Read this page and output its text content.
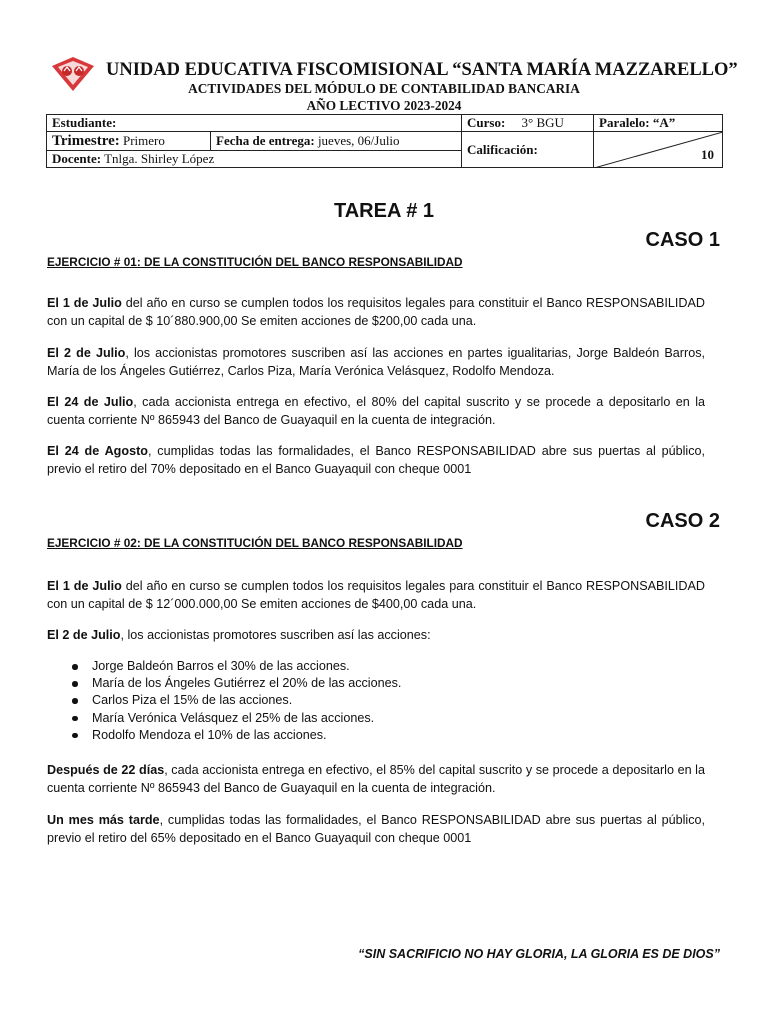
UNIDAD EDUCATIVA FISCOMISIONAL “SANTA MARÍA MAZZARELLO”
ACTIVIDADES DEL MÓDULO DE CONTABILIDAD BANCARIA
AÑO LECTIVO 2023-2024
Estudiante:		Curso: 3° BGU	Paralelo: “A”
Trimestre: Primero	Fecha de entrega: jueves, 06/Julio	Calificación:	10

Docente: Tnlga. Shirley López			
TAREA # 1
CASO 1
EJERCICIO # 01: DE LA CONSTITUCIÓN DEL BANCO RESPONSABILIDAD
El 1 de Julio del año en curso se cumplen todos los requisitos legales para constituir el Banco RESPONSABILIDAD con un capital de $ 10´880.900,00 Se emiten acciones de $200,00 cada una.
El 2 de Julio, los accionistas promotores suscriben así las acciones en partes igualitarias, Jorge Baldeón Barros, María de los Ángeles Gutiérrez, Carlos Piza, María Verónica Velásquez, Rodolfo Mendoza.
El 24 de Julio, cada accionista entrega en efectivo, el 80% del capital suscrito y se procede a depositarlo en la cuenta corriente Nº 865943 del Banco de Guayaquil en la cuenta de integración.
El 24 de Agosto, cumplidas todas las formalidades, el Banco RESPONSABILIDAD abre sus puertas al público, previo el retiro del 70% depositado en el Banco Guayaquil con cheque 0001
CASO 2
EJERCICIO # 02: DE LA CONSTITUCIÓN DEL BANCO RESPONSABILIDAD
El 1 de Julio del año en curso se cumplen todos los requisitos legales para constituir el Banco RESPONSABILIDAD con un capital de $ 12´000.000,00 Se emiten acciones de $400,00 cada una.
El 2 de Julio, los accionistas promotores suscriben así las acciones:
Jorge Baldeón Barros el 30% de las acciones.
María de los Ángeles Gutiérrez el 20% de las acciones.
Carlos Piza el 15% de las acciones.
María Verónica Velásquez el 25% de las acciones.
Rodolfo Mendoza el 10% de las acciones.
Después de 22 días, cada accionista entrega en efectivo, el 85% del capital suscrito y se procede a depositarlo en la cuenta corriente Nº 865943 del Banco de Guayaquil en la cuenta de integración.
Un mes más tarde, cumplidas todas las formalidades, el Banco RESPONSABILIDAD abre sus puertas al público, previo el retiro del 65% depositado en el Banco Guayaquil con cheque 0001
“SIN SACRIFICIO NO HAY GLORIA, LA GLORIA ES DE DIOS”
